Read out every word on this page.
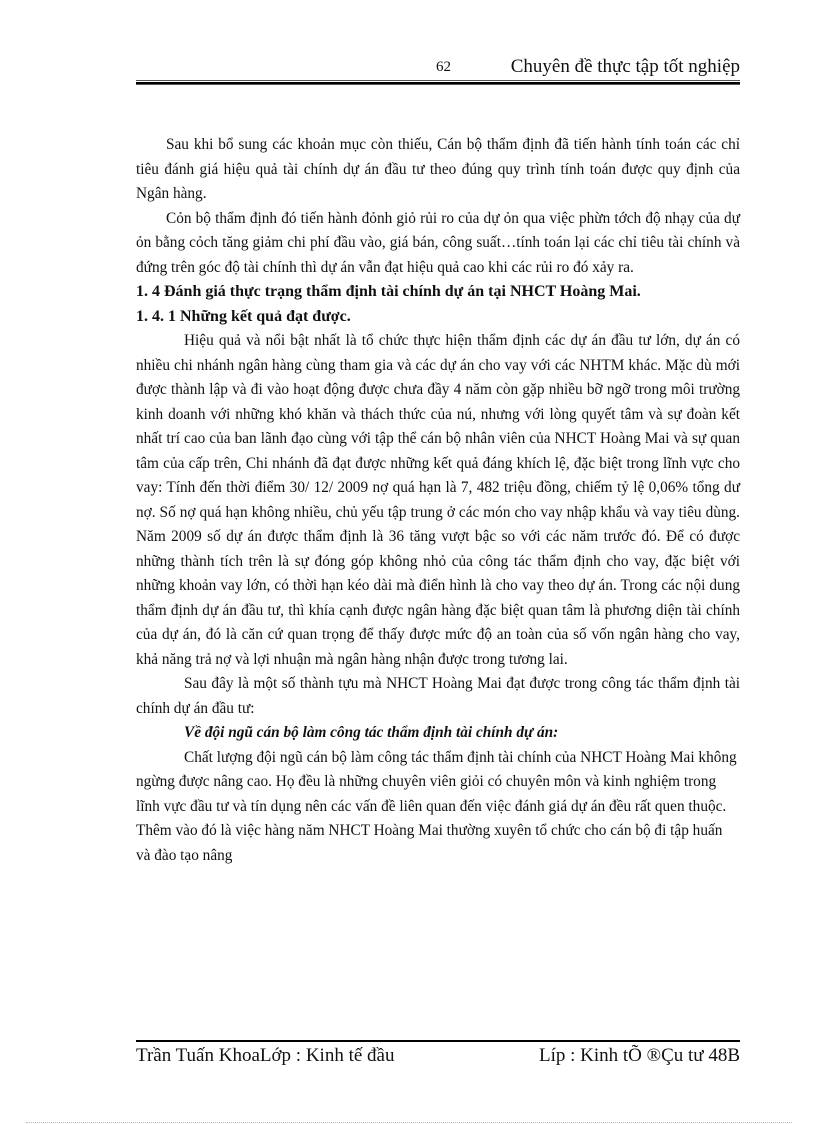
62	Chuyên đề thực tập tốt nghiệp

Sau khi bổ sung các khoản mục còn thiếu, Cán bộ thẩm định đã tiến hành tính toán các chỉ tiêu đánh giá hiệu quả tài chính dự án đầu tư theo đúng quy trình tính toán được quy định của Ngân hàng.

Cỏn bộ thẩm định đó tiến hành đỏnh giỏ rủi ro của dự ỏn qua việc phừn tớch độ nhạy của dự ỏn bằng cỏch tăng giảm chi phí đầu vào, giá bán, công suất…tính toán lại các chỉ tiêu tài chính và đứng trên góc độ tài chính thì dự án vẫn đạt hiệu quả cao khi các rủi ro đó xảy ra.

1. 4 Đánh giá thực trạng thẩm định tài chính dự án tại NHCT Hoàng Mai.

1. 4. 1 Những kết quả đạt được.

Hiệu quả và nổi bật nhất là tổ chức thực hiện thẩm định các dự án đầu tư lớn, dự án có nhiều chi nhánh ngân hàng cùng tham gia và các dự án cho vay với các NHTM khác. Mặc dù mới được thành lập và đi vào hoạt động được chưa đầy 4 năm còn gặp nhiều bỡ ngỡ trong môi trường kinh doanh với những khó khăn và thách thức của nú, nhưng với lòng quyết tâm và sự đoàn kết nhất trí cao của ban lãnh đạo cùng với tập thể cán bộ nhân viên của NHCT Hoàng Mai và sự quan tâm của cấp trên, Chi nhánh đã đạt được những kết quả đáng khích lệ, đặc biệt trong lĩnh vực cho vay: Tính đến thời điểm 30/ 12/ 2009 nợ quá hạn là 7, 482 triệu đồng, chiếm tỷ lệ 0,06% tổng dư nợ. Số nợ quá hạn không nhiều, chủ yếu tập trung ở các món cho vay nhập khẩu và vay tiêu dùng. Năm 2009 số dự án được thẩm định là 36 tăng vượt bậc so với các năm trước đó. Để có được những thành tích trên là sự đóng góp không nhỏ của công tác thẩm định cho vay, đặc biệt với những khoản vay lớn, có thời hạn kéo dài mà điển hình là cho vay theo dự án. Trong các nội dung thẩm định dự án đầu tư, thì khía cạnh được ngân hàng đặc biệt quan tâm là phương diện tài chính của dự án, đó là căn cứ quan trọng để thấy được mức độ an toàn của số vốn ngân hàng cho vay, khả năng trả nợ và lợi nhuận mà ngân hàng nhận được trong tương lai.

Sau đây là một số thành tựu mà NHCT Hoàng Mai đạt được trong công tác thẩm định tài chính dự án đầu tư:

Về đội ngũ cán bộ làm công tác thẩm định tài chính dự án:

Chất lượng đội ngũ cán bộ làm công tác thẩm định tài chính của NHCT Hoàng Mai không ngừng được nâng cao. Họ đều là những chuyên viên giỏi có chuyên môn và kinh nghiệm trong lĩnh vực đầu tư và tín dụng nên các vấn đề liên quan đến việc đánh giá dự án đều rất quen thuộc. Thêm vào đó là việc hàng năm NHCT Hoàng Mai thường xuyên tổ chức cho cán bộ đi tập huấn và đào tạo nâng

Trần Tuấn KhoaLớp : Kinh tế đầu	Líp : Kinh tÕ ®Çu tư 48B
